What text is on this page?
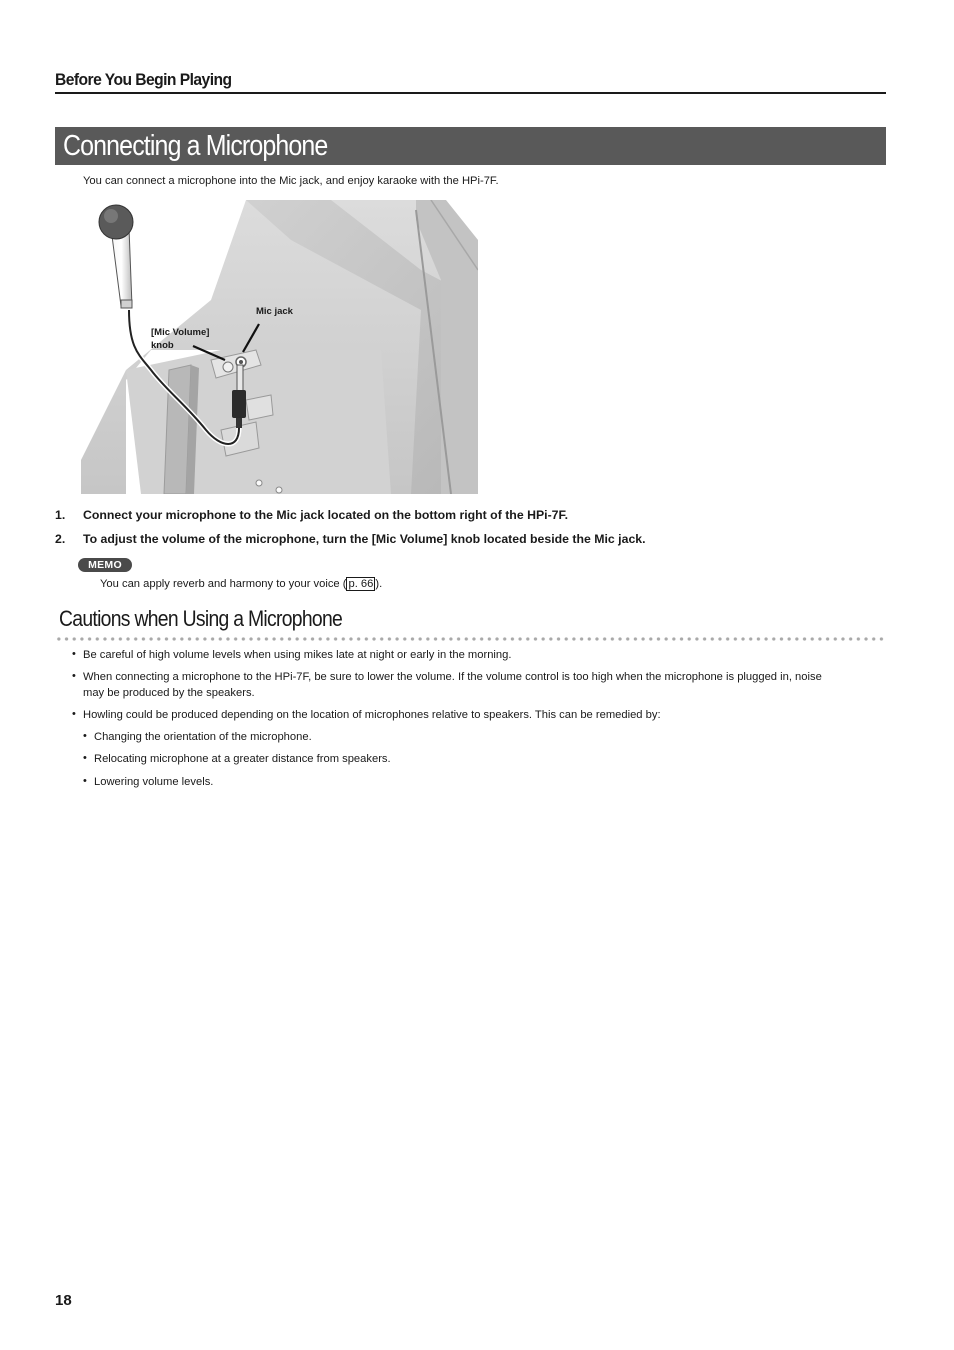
Before You Begin Playing
Connecting a Microphone
You can connect a microphone into the Mic jack, and enjoy karaoke with the HPi-7F.
Mic jack
[Mic Volume]
knob
1. Connect your microphone to the Mic jack located on the bottom right of the HPi-7F.
2. To adjust the volume of the microphone, turn the [Mic Volume] knob located beside the Mic jack.
MEMO
You can apply reverb and harmony to your voice ( p. 66 ).
Cautions when Using a Microphone
• Be careful of high volume levels when using mikes late at night or early in the morning.
• When connecting a microphone to the HPi-7F, be sure to lower the volume. If the volume control is too high when the microphone is plugged in, noise
may be produced by the speakers.
• Howling could be produced depending on the location of microphones relative to speakers. This can be remedied by:
• Changing the orientation of the microphone.
• Relocating microphone at a greater distance from speakers.
• Lowering volume levels.
18
